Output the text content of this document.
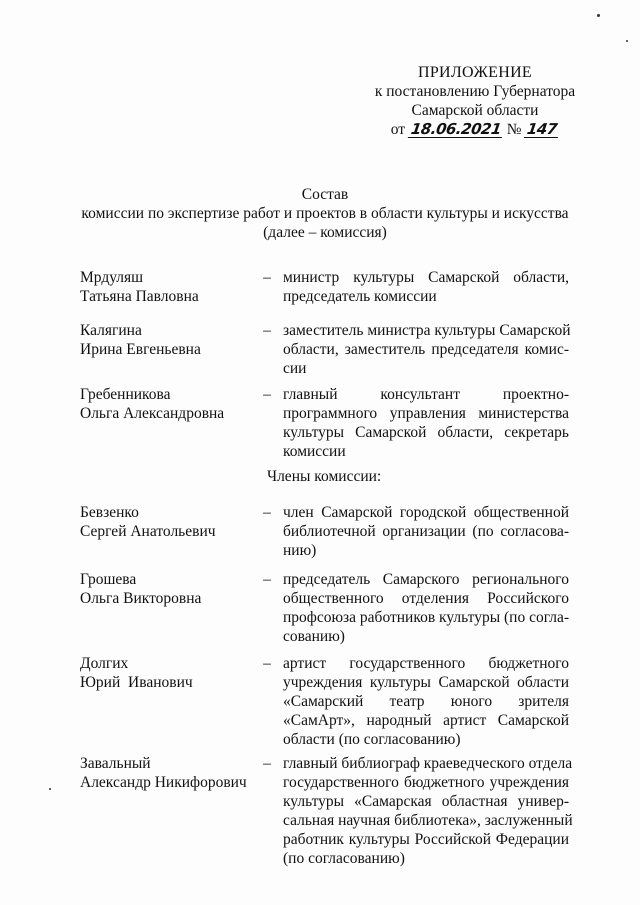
ПРИЛОЖЕНИЕ
к постановлению Губернатора
Самарской области
от 18.06.2021 № 147
Состав
комиссии по экспертизе работ и проектов в области культуры и искусства
(далее – комиссия)
Мрдуляш
Татьяна Павловна
– министр культуры Самарской области,
председатель комиссии
Калягина
Ирина Евгеньевна
– заместитель министра культуры Самарской
области, заместитель председателя комис-
сии
Гребенникова
Ольга Александровна
– главный консультант проектно-
программного управления министерства
культуры Самарской области, секретарь
комиссии
Члены комиссии:
Бевзенко
Сергей Анатольевич
– член Самарской городской общественной
библиотечной организации (по согласова-
нию)
Грошева
Ольга Викторовна
– председатель Самарского регионального
общественного отделения Российского
профсоюза работников культуры (по согла-
сованию)
Долгих
Юрий  Иванович
– артист государственного бюджетного
учреждения культуры Самарской области
«Самарский театр юного зрителя
«СамАрт», народный артист Самарской
области (по согласованию)
Завальный
Александр Никифорович
– главный библиограф краеведческого отдела
государственного бюджетного учреждения
культуры «Самарская областная универ-
сальная научная библиотека», заслуженный
работник культуры Российской Федерации
(по согласованию)
